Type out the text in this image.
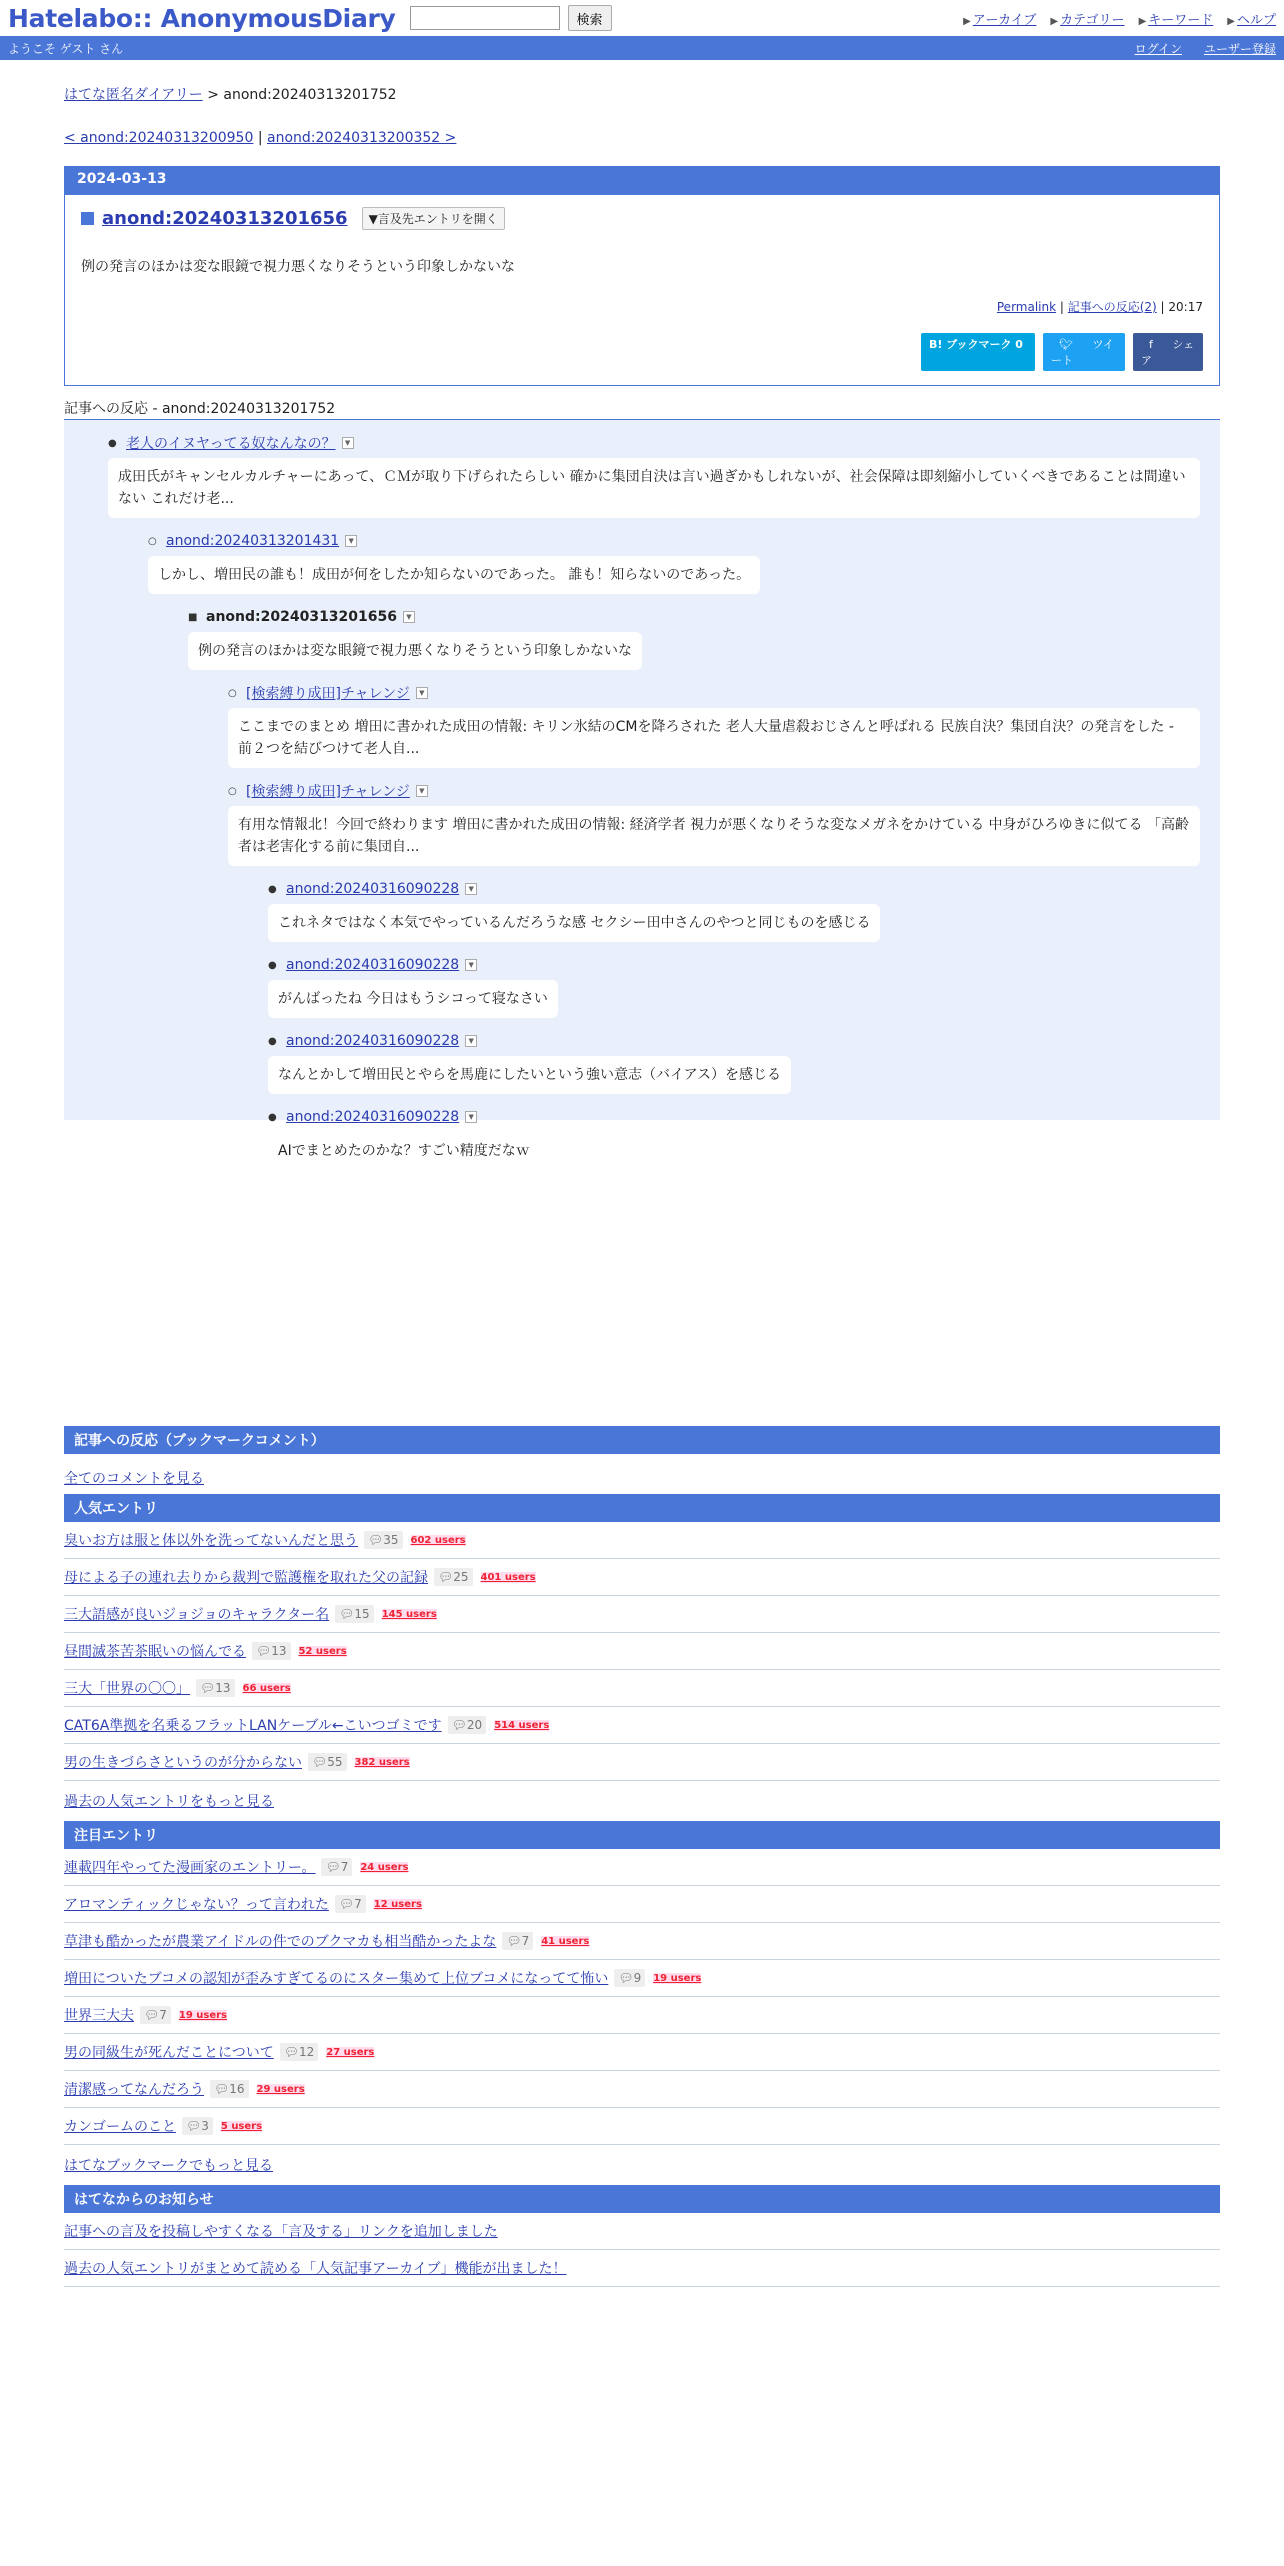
Hatelabo:: AnonymousDiary	検索	▶ アーカイブ ▶ カテゴリー ▶ キーワード ▶ ヘルプ
ようこそ ゲスト さん	ログイン ユーザー登録
はてな匿名ダイアリー > anond:20240313201752
< anond:20240313200950 | anond:20240313200352 >
2024-03-13
anond:20240313201656	▼言及先エントリを開く
例の発言のほかは変な眼鏡で視力悪くなりそうという印象しかないな
Permalink | 記事への反応(2) | 20:17
B! ブックマーク 0	🐦︎ ツイート
f シェア
記事への反応 - anond:20240313201752
● 老人のイヌヤってる奴なんなの？	▼
成田氏がキャンセルカルチャーにあって、ＣＭが取り下げられたらしい 確かに集団自決は言い過ぎかもしれないが、社会保障は即刻縮小していくべきであることは間違いない これだけ老...
○ anond:20240313201431	▼
しかし、増田民の誰も！成田が何をしたか知らないのであった。 誰も！知らないのであった。
■ anond:20240313201656	▼
例の発言のほかは変な眼鏡で視力悪くなりそうという印象しかないな
○ [検索縛り成田]チャレンジ	▼
ここまでのまとめ 増田に書かれた成田の情報: キリン氷結のCMを降ろされた 老人大量虐殺おじさんと呼ばれる 民族自決？集団自決？の発言をした - 前２つを結びつけて老人自...
○ [検索縛り成田]チャレンジ	▼
有用な情報北！今回で終わります 増田に書かれた成田の情報: 経済学者 視力が悪くなりそうな変なメガネをかけている 中身がひろゆきに似てる 「高齢者は老害化する前に集団自...
● anond:20240316090228	▼
これネタではなく本気でやっているんだろうな感 セクシー田中さんのやつと同じものを感じる
● anond:20240316090228	▼
がんばったね 今日はもうシコって寝なさい
● anond:20240316090228	▼
なんとかして増田民とやらを馬鹿にしたいという強い意志（バイアス）を感じる
● anond:20240316090228	▼
AIでまとめたのかな？すごい精度だなｗ
記事への反応（ブックマークコメント）
全てのコメントを見る
人気エントリ
臭いお方は服と体以外を洗ってないんだと思う 💬︎ 35 602 users
母による子の連れ去りから裁判で監護権を取れた父の記録 💬︎ 25 401 users
三大語感が良いジョジョのキャラクター名 💬︎ 15 145 users
昼間滅茶苦茶眠いの悩んでる 💬︎ 13 52 users
三大「世界の〇〇」 💬︎ 13 66 users
CAT6A準拠を名乗るフラットLANケーブル←こいつゴミです 💬︎ 20 514 users
男の生きづらさというのが分からない 💬︎ 55 382 users
過去の人気エントリをもっと見る
注目エントリ
連載四年やってた漫画家のエントリー。 💬︎ 7 24 users
アロマンティックじゃない？って言われた 💬︎ 7 12 users
草津も酷かったが農業アイドルの件でのブクマカも相当酷かったよな 💬︎ 7 41 users
増田についたブコメの認知が歪みすぎてるのにスター集めて上位ブコメになってて怖い 💬︎ 9 19 users
世界三大夫 💬︎ 7 19 users
男の同級生が死んだことについて 💬︎ 12 27 users
清潔感ってなんだろう 💬︎ 16 29 users
カンゴームのこと 💬︎ 3 5 users
はてなブックマークでもっと見る
はてなからのお知らせ
記事への言及を投稿しやすくなる「言及する」リンクを追加しました
過去の人気エントリがまとめて読める「人気記事アーカイブ」機能が出ました！
